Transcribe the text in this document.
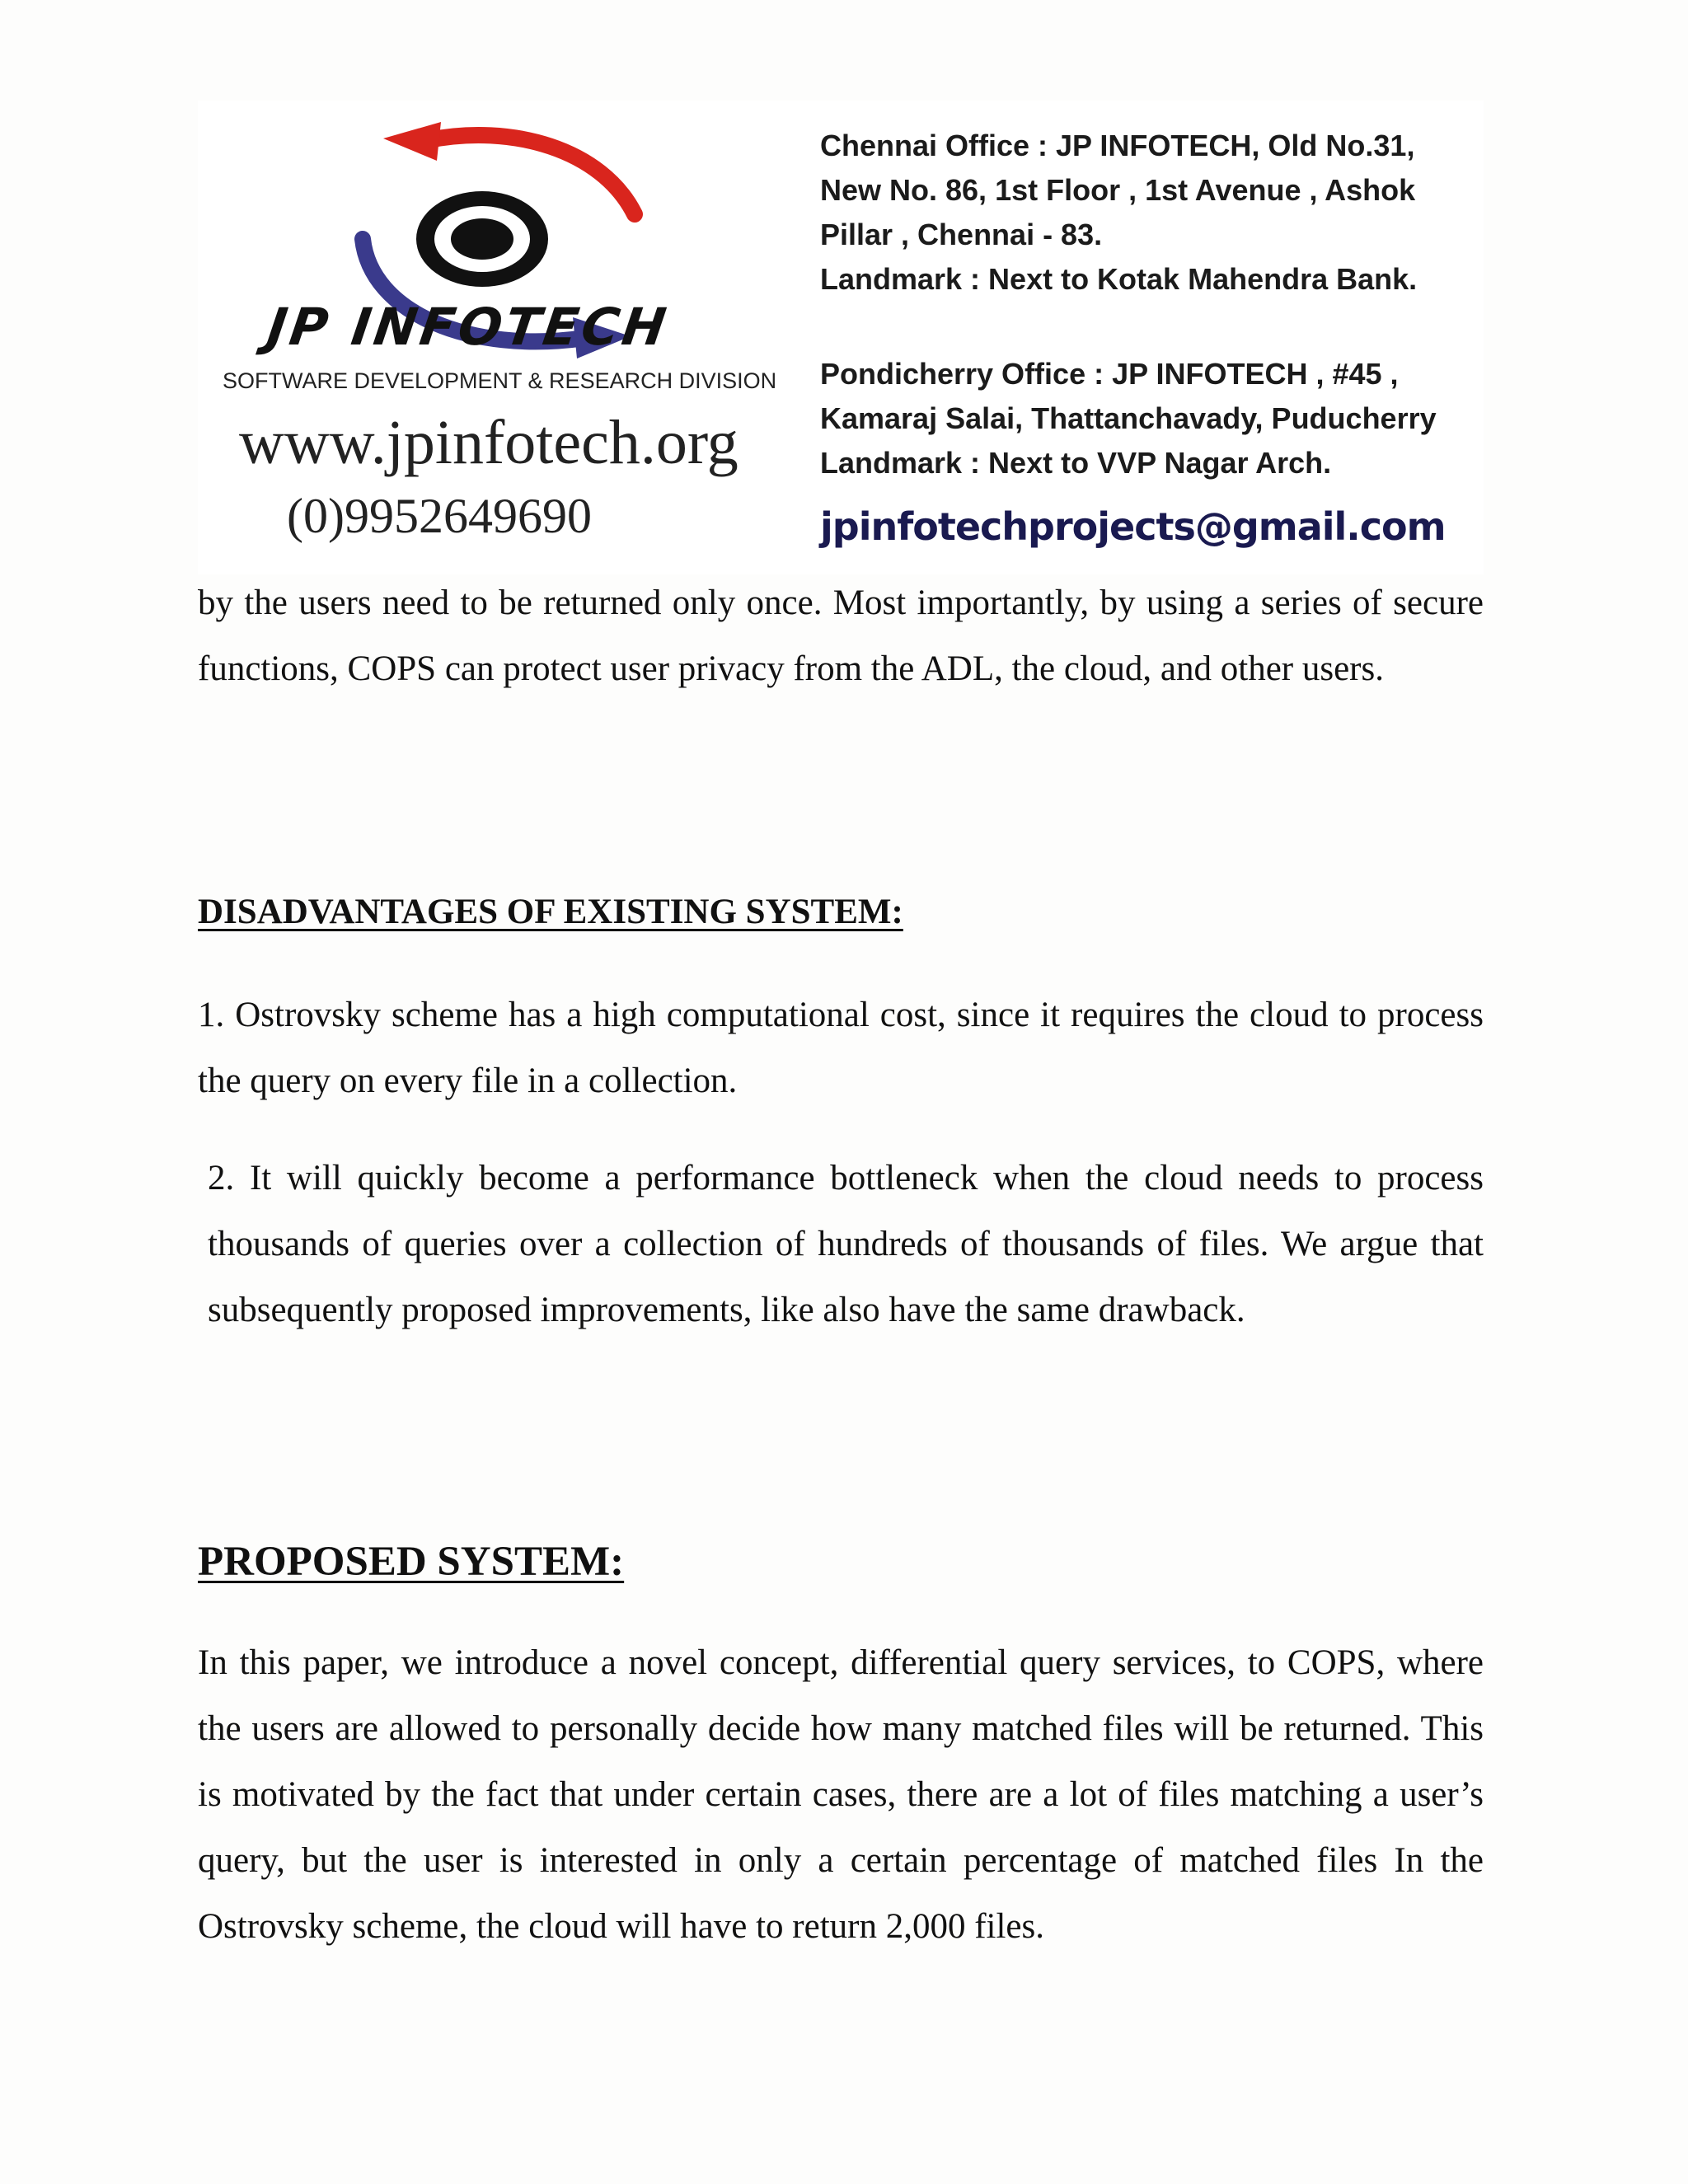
JP INFOTECH
SOFTWARE DEVELOPMENT & RESEARCH DIVISION
www.jpinfotech.org
(0)9952649690
Chennai Office : JP INFOTECH, Old No.31,
New No. 86, 1st Floor , 1st Avenue , Ashok
Pillar , Chennai - 83.
Landmark : Next to Kotak Mahendra Bank.
Pondicherry Office : JP INFOTECH , #45 ,
Kamaraj Salai, Thattanchavady, Puducherry
Landmark : Next to VVP Nagar Arch.
jpinfotechprojects@gmail.com

by the users need to be returned only once. Most importantly, by using a series of secure functions, COPS can protect user privacy from the ADL, the cloud, and other users.

DISADVANTAGES OF EXISTING SYSTEM:

1. Ostrovsky scheme has a high computational cost, since it requires the cloud to process the query on every file in a collection.

2. It will quickly become a performance bottleneck when the cloud needs to process thousands of queries over a collection of hundreds of thousands of files. We argue that subsequently proposed improvements, like also have the same drawback.

PROPOSED SYSTEM:

In this paper, we introduce a novel concept, differential query services, to COPS, where the users are allowed to personally decide how many matched files will be returned. This is motivated by the fact that under certain cases, there are a lot of files matching a user’s query, but the user is interested in only a certain percentage of matched files In the Ostrovsky scheme, the cloud will have to return 2,000 files.
